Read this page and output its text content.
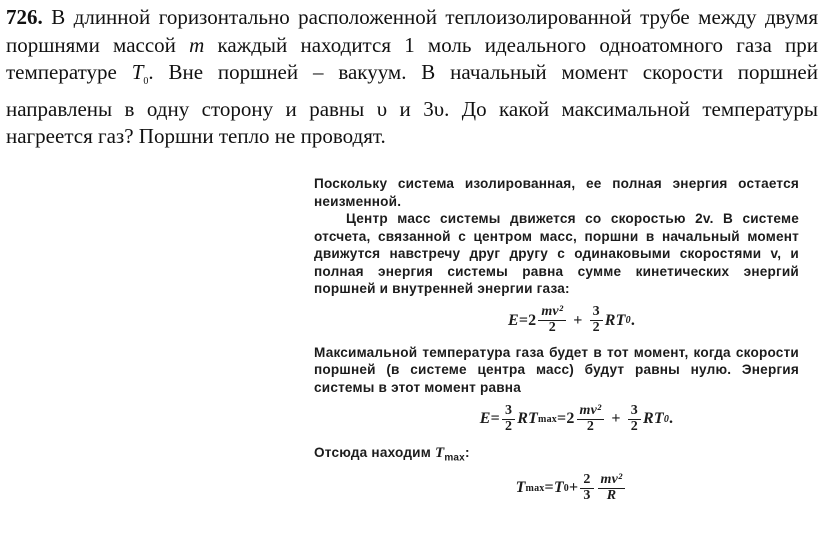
726. В длинной горизонтально расположенной теплоизолированной трубе между двумя поршнями массой m каждый находится 1 моль идеального одноатомного газа при температуре $T_0$. Вне поршней – вакуум. В начальный момент скорости поршней направлены в одну сторону и равны υ и 3υ. До какой максимальной температуры нагреется газ? Поршни тепло не проводят.

Поскольку система изолированная, ее полная энергия остается неизменной.

Центр масс системы движется со скоростью 2v. В системе отсчета, связанной с центром масс, поршни в начальный момент движутся навстречу друг другу с одинаковыми скоростями v, и полная энергия системы равна сумме кинетических энергий поршней и внутренней энергии газа:

$E = 2 \frac{\text{mv²}}{2} + \frac{3}{2}$ RT 0 .

Максимальной температура газа будет в тот момент, когда скорости поршней (в системе центра масс) будут равны нулю. Энергия системы в этот момент равна

$E = \frac{3}{2}$ RT $\max = 2 \frac{\text{mv²}}{2} + \frac{3}{2}$ RT 0 .

Отсюда находим $T_{max}$:

T max = T $0 + \frac{2}{3} \frac{\text{mv²}}{R}$
